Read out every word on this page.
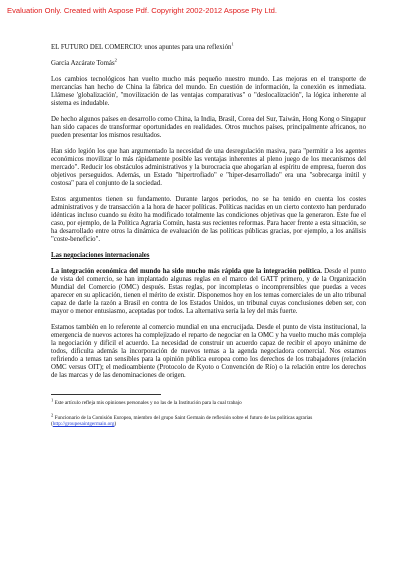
Evaluation Only. Created with Aspose Pdf. Copyright 2002-2012 Aspose Pty Ltd.

EL FUTURO DEL COMERCIO: unos apuntes para una reflexión$^1$

García Azcárate Tomás$^2$

Los cambios tecnológicos han vuelto mucho más pequeño nuestro mundo. Las mejoras en el transporte de mercancías han hecho de China la fábrica del mundo. En cuestión de información, la conexión es inmediata. Llámese 'globalización', "movilización de las ventajas comparativas" o "deslocalización", la lógica inherente al sistema es indudable.

De hecho algunos países en desarrollo como China, la India, Brasil, Corea del Sur, Taiwán, Hong Kong o Singapur han sido capaces de transformar oportunidades en realidades. Otros muchos países, principalmente africanos, no pueden presentar los mismos resultados.

Han sido legión los que han argumentado la necesidad de una desregulación masiva, para "permitir a los agentes económicos movilizar lo más rápidamente posible las ventajas inherentes al pleno juego de los mecanismos del mercado". Reducir los obstáculos administrativos y la burocracia que ahogarían al espíritu de empresa, fueron dos objetivos perseguidos. Además, un Estado "hipertrofiado" e "hiper-desarrollado" era una "sobrecarga inútil y costosa" para el conjunto de la sociedad.

Estos argumentos tienen su fundamento. Durante largos periodos, no se ha tenido en cuenta los costes administrativos y de transacción a la hora de hacer políticas. Políticas nacidas en un cierto contexto han perdurado idénticas incluso cuando su éxito ha modificado totalmente las condiciones objetivas que la generaron. Este fue el caso, por ejemplo, de la Política Agraria Común, hasta sus recientes reformas. Para hacer frente a esta situación, se ha desarrollado entre otros la dinámica de evaluación de las políticas públicas gracias, por ejemplo, a los análisis "coste-beneficio".

Las negociaciones internacionales

La integración económica del mundo ha sido mucho más rápida que la integración política. Desde el punto de vista del comercio, se han implantado algunas reglas en el marco del GATT primero, y de la Organización Mundial del Comercio (OMC) después. Estas reglas, por incompletas o incomprensibles que puedas a veces aparecer en su aplicación, tienen el mérito de existir. Disponemos hoy en los temas comerciales de un alto tribunal capaz de darle la razón a Brasil en contra de los Estados Unidos, un tribunal cuyas conclusiones deben ser, con mayor o menor entusiasmo, aceptadas por todos. La alternativa sería la ley del más fuerte.

Estamos también en lo referente al comercio mundial en una encrucijada. Desde el punto de vista institucional, la emergencia de nuevos actores ha complejizado el reparto de negociar en la OMC y ha vuelto mucho más compleja la negociación y difícil el acuerdo. La necesidad de construir un acuerdo capaz de recibir el apoyo unánime de todos, dificulta además la incorporación de nuevos temas a la agenda negociadora comercial. Nos estamos refiriendo a temas tan sensibles para la opinión pública europea como los derechos de los trabajadores (relación OMC versus OIT); el medioambiente (Protocolo de Kyoto o Convención de Río) o la relación entre los derechos de las marcas y de las denominaciones de origen.

$^1$ Este artículo refleja mis opiniones personales y no las de la Institución para la cual trabajo

$^2$ Funcionario de la Comisión Europea, miembro del grupo Saint Germain de reflexión sobre el futuro de las políticas agrarias (http://groupesaintgermain.org)
